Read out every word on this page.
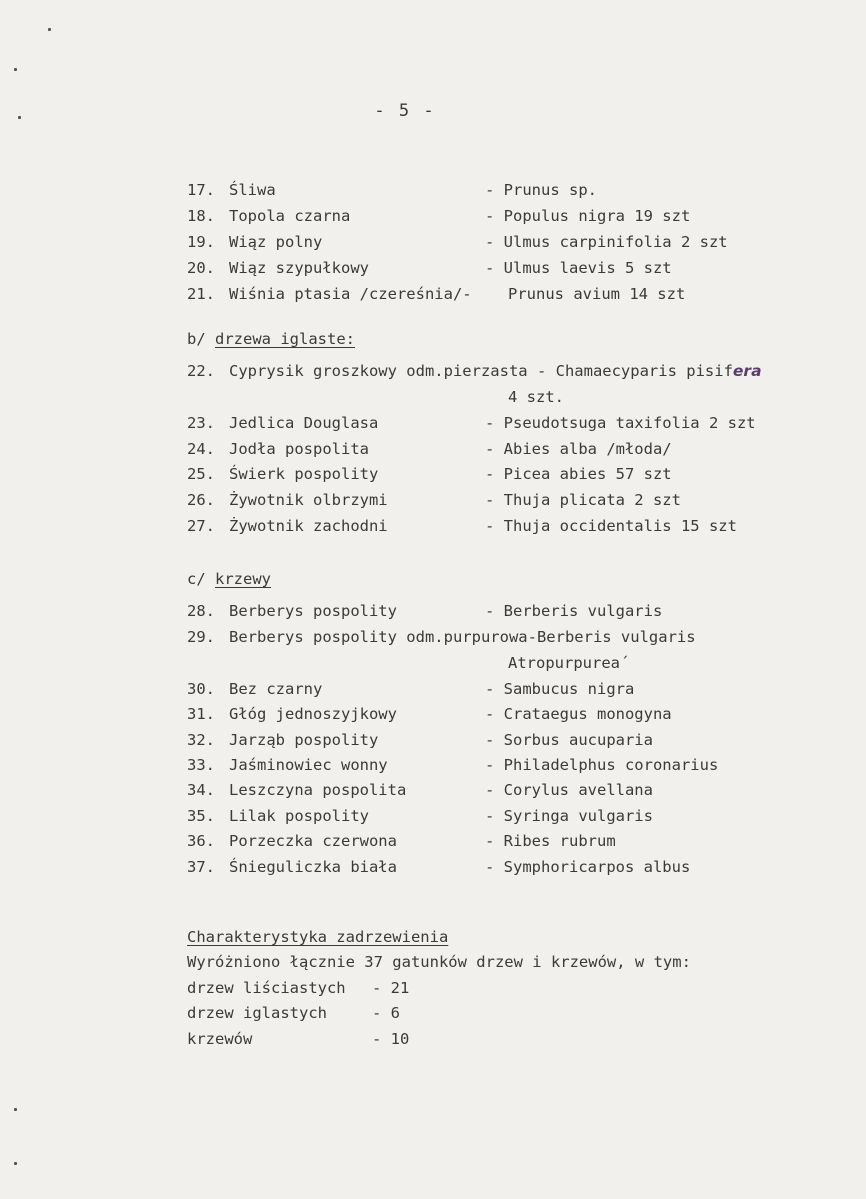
- 5 -
17. Śliwa	- Prunus sp.
18. Topola czarna	- Populus nigra 19 szt
19. Wiąz polny	- Ulmus carpinifolia 2 szt
20. Wiąz szypułkowy	- Ulmus laevis 5 szt
21. Wiśnia ptasia /czereśnia/- Prunus avium 14 szt
b/ drzewa iglaste:
22. Cyprysik groszkowy odm.pierzasta - Chamaecyparis pisifera
4 szt.
23. Jedlica Douglasa	- Pseudotsuga taxifolia 2 szt
24. Jodła pospolita	- Abies alba /młoda/
25. Świerk pospolity	- Picea abies 57 szt
26. Żywotnik olbrzymi	- Thuja plicata 2 szt
27. Żywotnik zachodni	- Thuja occidentalis 15 szt
c/ krzewy
28. Berberys pospolity	- Berberis vulgaris
29. Berberys pospolity odm.purpurowa-Berberis vulgaris
Atropurpurea´
30. Bez czarny	- Sambucus nigra
31. Głóg jednoszyjkowy	- Crataegus monogyna
32. Jarząb pospolity	- Sorbus aucuparia
33. Jaśminowiec wonny	- Philadelphus coronarius
34. Leszczyna pospolita	- Corylus avellana
35. Lilak pospolity	- Syringa vulgaris
36. Porzeczka czerwona	- Ribes rubrum
37. Śnieguliczka biała	- Symphoricarpos albus
Charakterystyka zadrzewienia
Wyróżniono łącznie 37 gatunków drzew i krzewów, w tym:
drzew liściastych - 21
drzew iglastych	- 6
krzewów	- 10
